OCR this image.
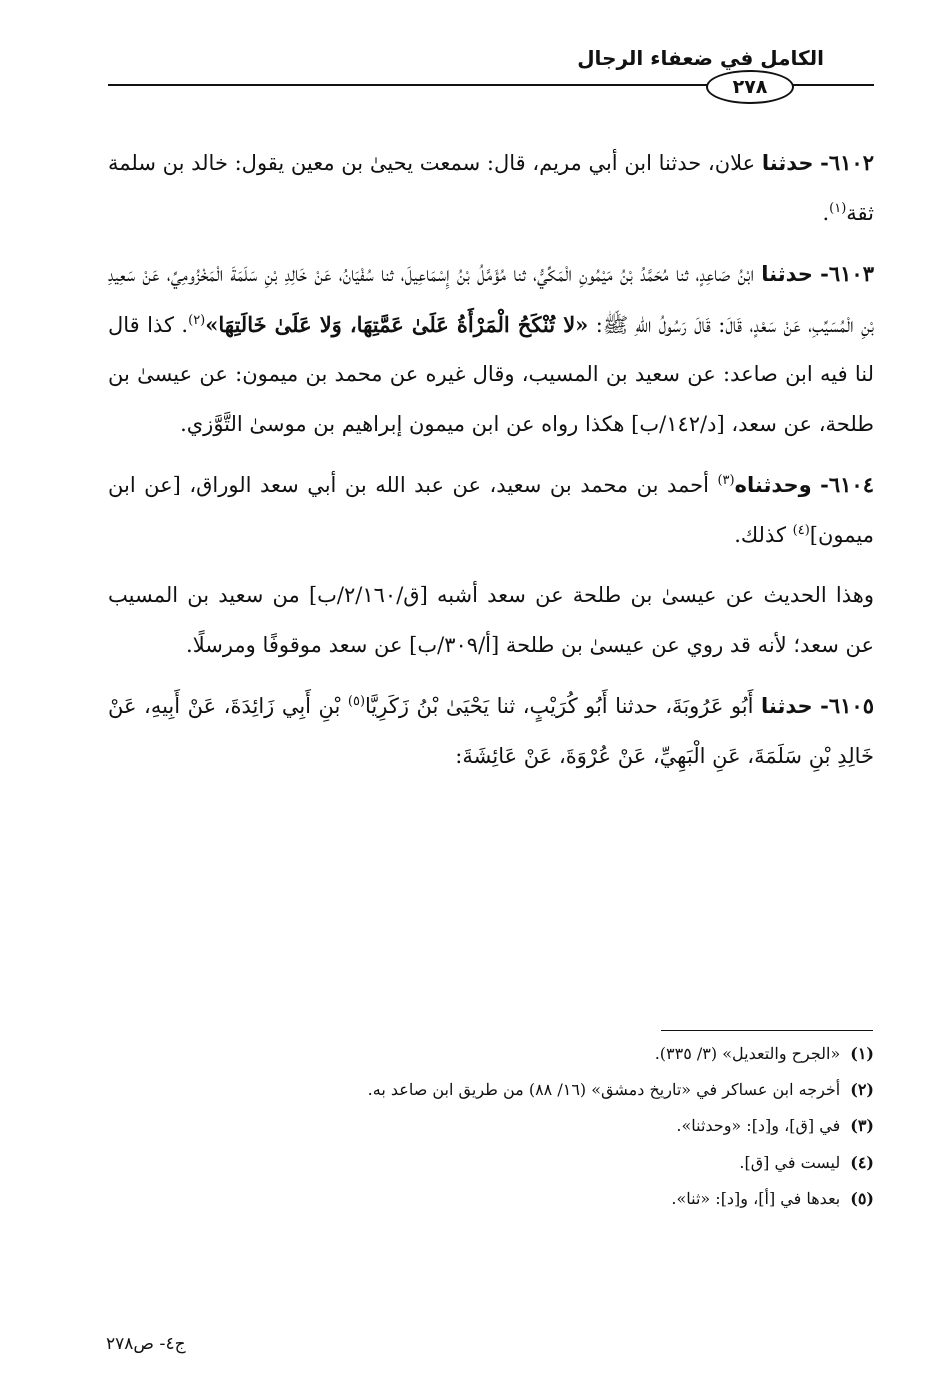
الكامل في ضعفاء الرجال
٢٧٨

٦١٠٢- حدثنا علان، حدثنا ابن أبي مريم، قال: سمعت يحيىٰ بن معين يقول: خالد بن سلمة ثقة$^{(١)}$.

٦١٠٣- حدثنا ابْنُ صَاعِدٍ، ثنا مُحَمَّدُ بْنُ مَيْمُونِ الْمَكِّيُّ، ثنا مُؤَمَّلُ بْنُ إِسْمَاعِيلَ، ثنا سُفْيَانُ، عَنْ خَالِدِ بْنِ سَلَمَةَ الْمَخْزُومِيِّ، عَنْ سَعِيدِ بْنِ الْمُسَيِّبِ، عَنْ سَعْدٍ، قَالَ: قَالَ رَسُولُ اللهِ ﷺ: «لا تُنْكَحُ الْمَرْأَةُ عَلَىٰ عَمَّتِهَا، وَلا عَلَىٰ خَالَتِهَا»$^{(٢)}$. كذا قال لنا فيه ابن صاعد: عن سعيد بن المسيب، وقال غيره عن محمد بن ميمون: عن عيسىٰ بن طلحة، عن سعد، [د/١٤٢/ب] هكذا رواه عن ابن ميمون إبراهيم بن موسىٰ التَّوَّزي.

٦١٠٤- وحدثناه$^{(٣)}$ أحمد بن محمد بن سعيد، عن عبد الله بن أبي سعد الوراق، [عن ابن ميمون]$^{(٤)}$ كذلك.

وهذا الحديث عن عيسىٰ بن طلحة عن سعد أشبه [ق/٢/١٦٠/ب] من سعيد بن المسيب عن سعد؛ لأنه قد روي عن عيسىٰ بن طلحة [أ/٣٠٩/ب] عن سعد موقوفًا ومرسلًا.

٦١٠٥- حدثنا أَبُو عَرُوبَةَ، حدثنا أَبُو كُرَيْبٍ، ثنا يَحْيَىٰ بْنُ زَكَرِيَّا$^{(٥)}$ بْنِ أَبِي زَائِدَةَ، عَنْ أَبِيهِ، عَنْ خَالِدِ بْنِ سَلَمَةَ، عَنِ الْبَهِيِّ، عَنْ عُرْوَةَ، عَنْ عَائِشَةَ:

(١)«الجرح والتعديل» (٣/ ٣٣٥).
(٢)أخرجه ابن عساكر في «تاريخ دمشق» (١٦/ ٨٨) من طريق ابن صاعد به.
(٣)في [ق]، و[د]: «وحدثنا».
(٤)ليست في [ق].
(٥)بعدها في [أ]، و[د]: «ثنا».
ج٤- ص٢٧٨
